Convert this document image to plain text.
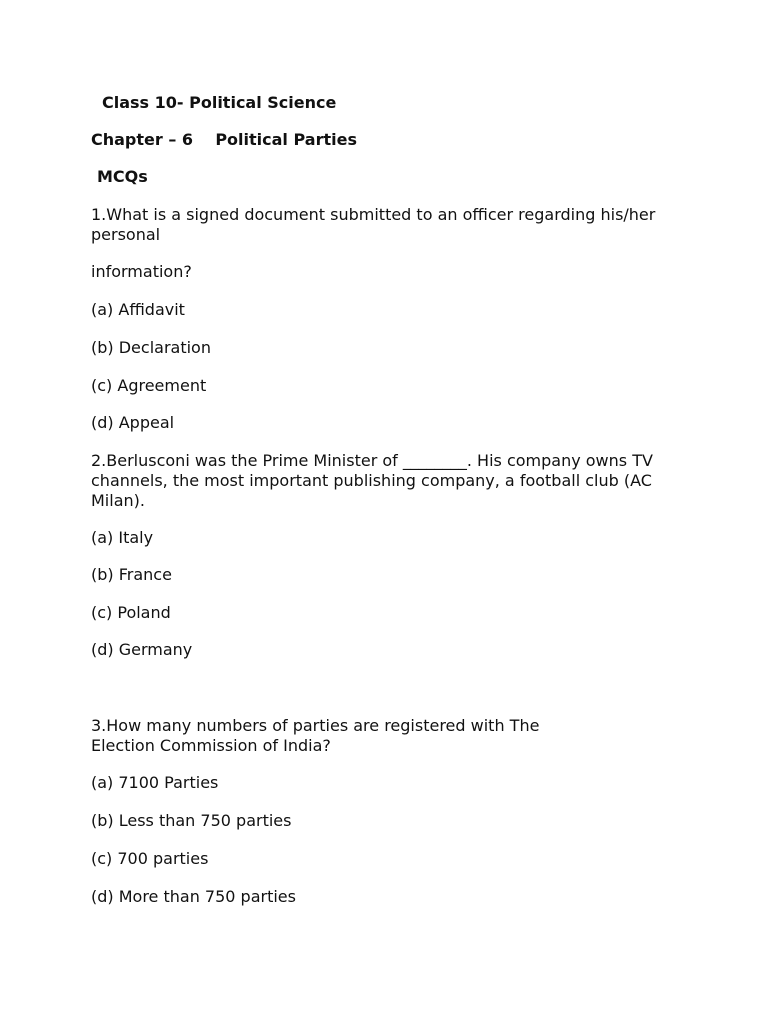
Class 10- Political Science

Chapter – 6    Political Parties

MCQs

1.What is a signed document submitted to an officer regarding his/her personal

information?

(a) Affidavit

(b) Declaration

(c) Agreement

(d) Appeal

2.Berlusconi was the Prime Minister of ________. His company owns TV channels, the most important publishing company, a football club (AC Milan).

(a) Italy

(b) France

(c) Poland

(d) Germany

3.How many numbers of parties are registered with The Election Commission of India?

(a) 7100 Parties

(b) Less than 750 parties

(c) 700 parties

(d) More than 750 parties
